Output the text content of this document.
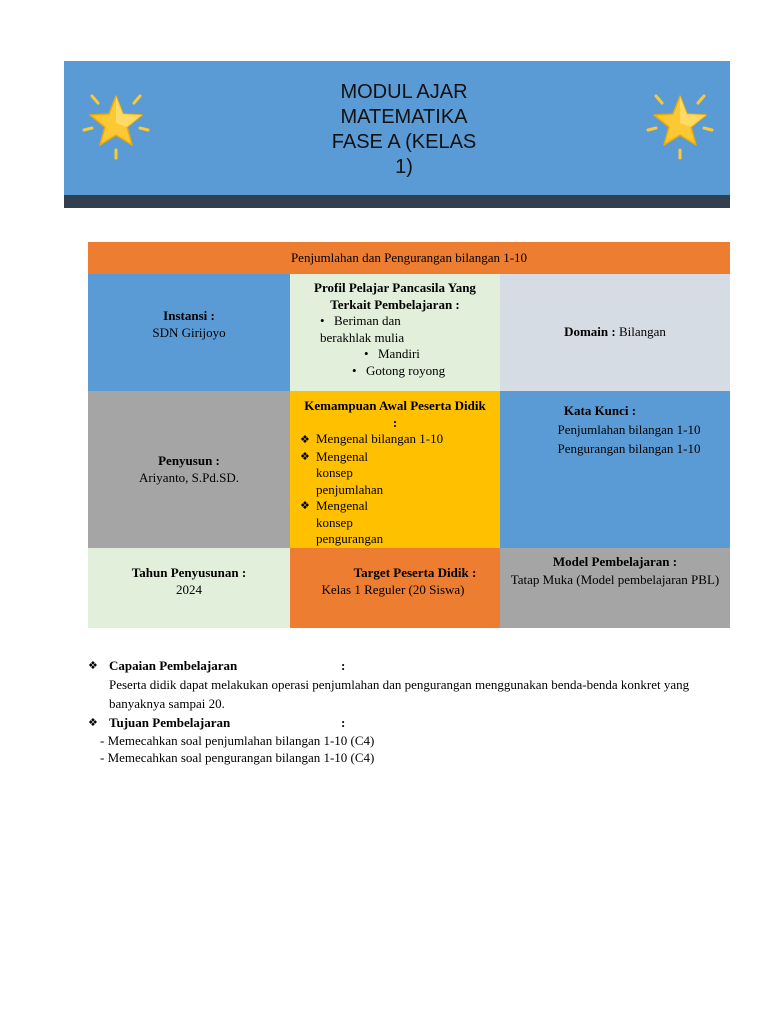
MODUL AJAR
MATEMATIKA
FASE A (KELAS
1)
Penjumlahan dan Pengurangan bilangan 1-10
Instansi :
SDN Girijoyo
Profil Pelajar Pancasila Yang Terkait Pembelajaran :
• Beriman dan berakhlak mulia
• Mandiri
• Gotong royong
Domain : Bilangan
Penyusun :
Ariyanto, S.Pd.SD.
Kemampuan Awal Peserta Didik :
❖ Mengenal bilangan 1-10
❖ Mengenal konsep penjumlahan
❖ Mengenal konsep pengurangan
Kata Kunci :
Penjumlahan bilangan 1-10
Pengurangan bilangan 1-10
Tahun Penyusunan :
2024
Target Peserta Didik :
Kelas 1 Reguler (20 Siswa)
Model Pembelajaran :
Tatap Muka (Model pembelajaran PBL)
❖ Capaian Pembelajaran	:
Peserta didik dapat melakukan operasi penjumlahan dan pengurangan menggunakan benda-benda konkret yang banyaknya sampai 20.
❖ Tujuan Pembelajaran	:
- Memecahkan soal penjumlahan bilangan 1-10 (C4)
- Memecahkan soal pengurangan bilangan 1-10 (C4)
